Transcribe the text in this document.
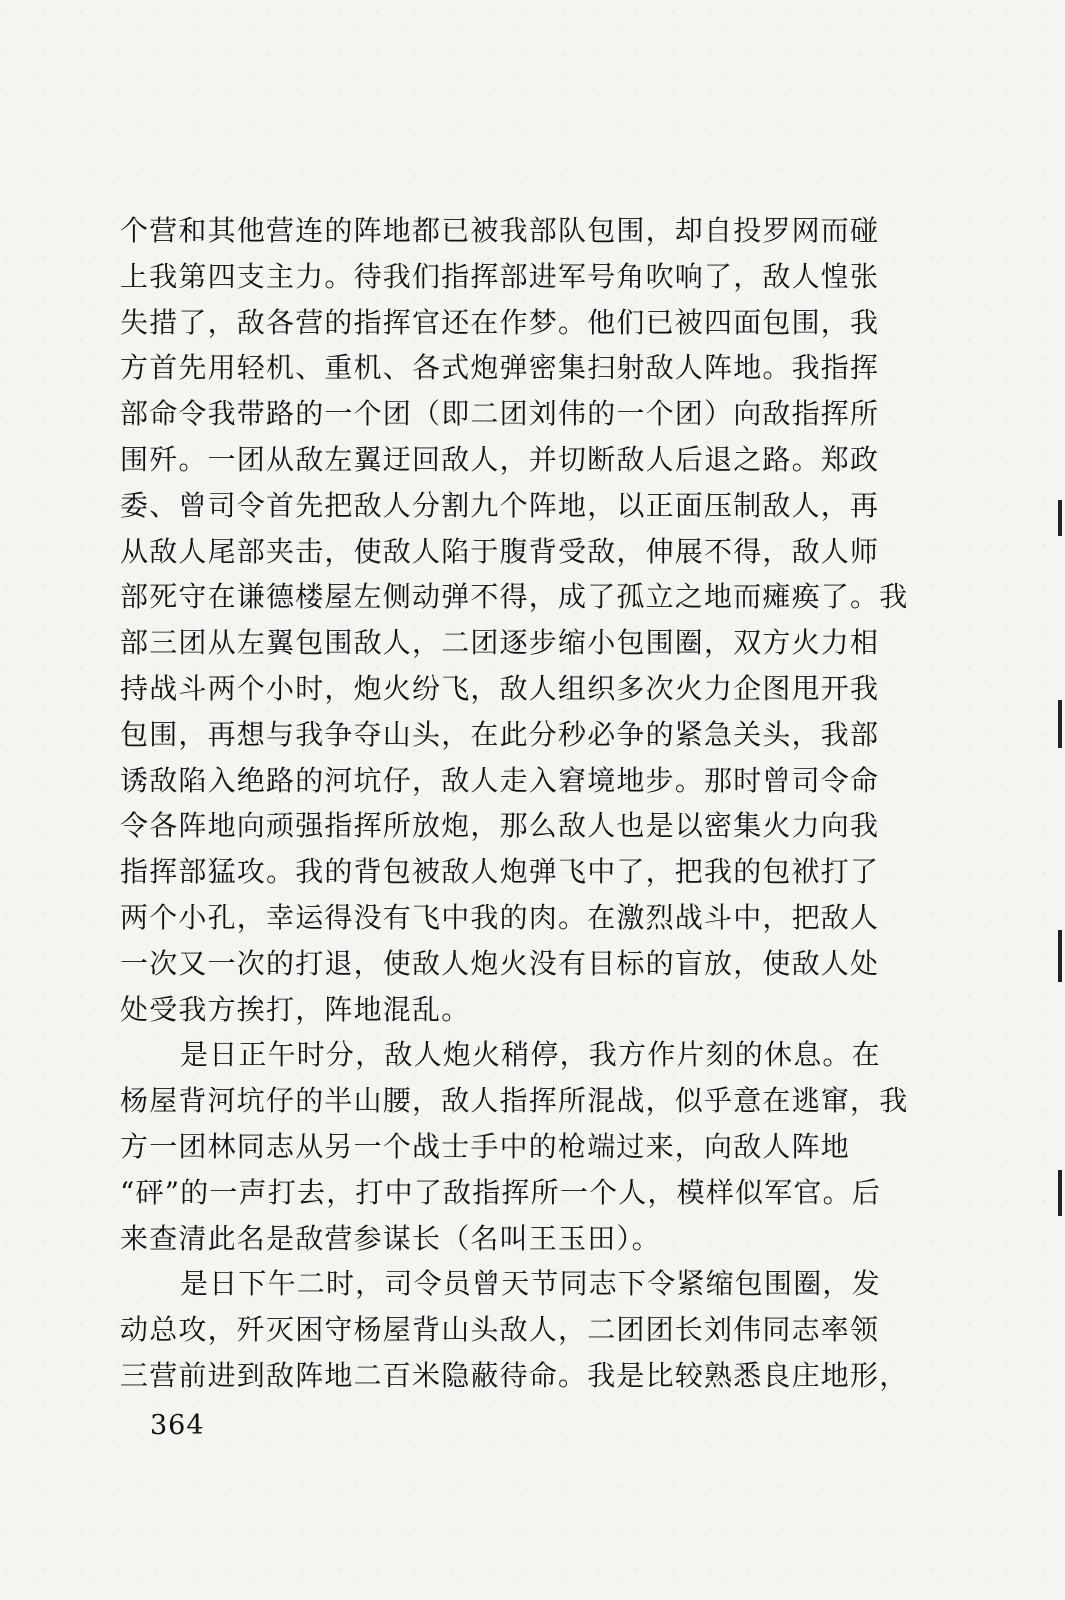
个营和其他营连的阵地都已被我部队包围，却自投罗网而碰
上我第四支主力。待我们指挥部进军号角吹响了，敌人惶张
失措了，敌各营的指挥官还在作梦。他们已被四面包围，我
方首先用轻机、重机、各式炮弹密集扫射敌人阵地。我指挥
部命令我带路的一个团（即二团刘伟的一个团）向敌指挥所
围歼。一团从敌左翼迂回敌人，并切断敌人后退之路。郑政
委、曾司令首先把敌人分割九个阵地，以正面压制敌人，再
从敌人尾部夹击，使敌人陷于腹背受敌，伸展不得，敌人师
部死守在谦德楼屋左侧动弹不得，成了孤立之地而瘫痪了。我
部三团从左翼包围敌人，二团逐步缩小包围圈，双方火力相
持战斗两个小时，炮火纷飞，敌人组织多次火力企图甩开我
包围，再想与我争夺山头，在此分秒必争的紧急关头，我部
诱敌陷入绝路的河坑仔，敌人走入窘境地步。那时曾司令命
令各阵地向顽强指挥所放炮，那么敌人也是以密集火力向我
指挥部猛攻。我的背包被敌人炮弹飞中了，把我的包袱打了
两个小孔，幸运得没有飞中我的肉。在激烈战斗中，把敌人
一次又一次的打退，使敌人炮火没有目标的盲放，使敌人处
处受我方挨打，阵地混乱。
是日正午时分，敌人炮火稍停，我方作片刻的休息。在
杨屋背河坑仔的半山腰，敌人指挥所混战，似乎意在逃窜，我
方一团林同志从另一个战士手中的枪端过来，向敌人阵地
“砰”的一声打去，打中了敌指挥所一个人，模样似军官。后
来查清此名是敌营参谋长（名叫王玉田）。
是日下午二时，司令员曾天节同志下令紧缩包围圈，发
动总攻，歼灭困守杨屋背山头敌人，二团团长刘伟同志率领
三营前进到敌阵地二百米隐蔽待命。我是比较熟悉良庄地形，
364
